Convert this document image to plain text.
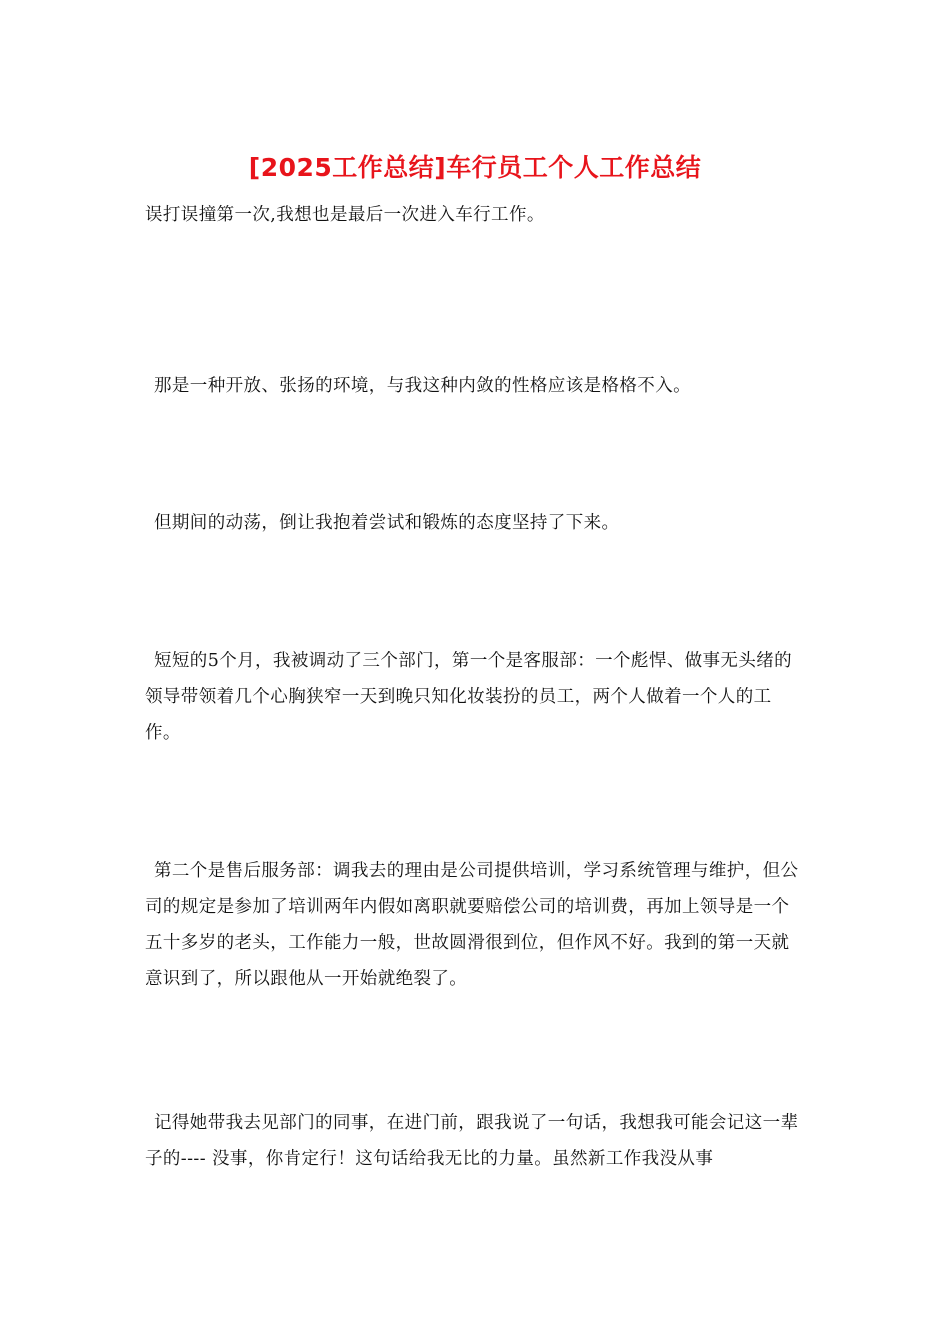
[2025工作总结]车行员工个人工作总结
误打误撞第一次,我想也是最后一次进入车行工作。
那是一种开放、张扬的环境，与我这种内敛的性格应该是格格不入。
但期间的动荡，倒让我抱着尝试和锻炼的态度坚持了下来。
短短的5个月，我被调动了三个部门，第一个是客服部：一个彪悍、做事无头绪的领导带领着几个心胸狭窄一天到晚只知化妆装扮的员工，两个人做着一个人的工作。
第二个是售后服务部：调我去的理由是公司提供培训，学习系统管理与维护，但公司的规定是参加了培训两年内假如离职就要赔偿公司的培训费，再加上领导是一个五十多岁的老头，工作能力一般，世故圆滑很到位，但作风不好。我到的第一天就意识到了，所以跟他从一开始就绝裂了。
记得她带我去见部门的同事，在进门前，跟我说了一句话，我想我可能会记这一辈子的---- 没事，你肯定行！这句话给我无比的力量。虽然新工作我没从事
